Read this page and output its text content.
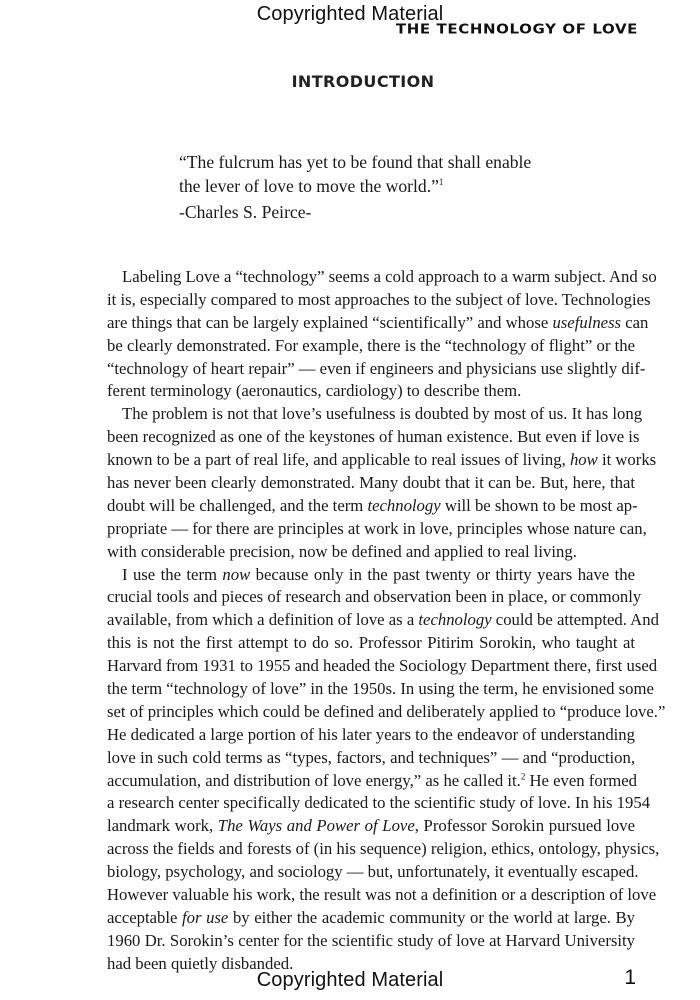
Copyrighted Material
THE TECHNOLOGY OF LOVE
INTRODUCTION
“The fulcrum has yet to be found that shall enable
the lever of love to move the world.”$^1$
-Charles S. Peirce-
Labeling Love a “technology” seems a cold approach to a warm subject. And so
it is, especially compared to most approaches to the subject of love. Technologies
are things that can be largely explained “scientifically” and whose usefulness can
be clearly demonstrated. For example, there is the “technology of flight” or the
“technology of heart repair” — even if engineers and physicians use slightly dif-
ferent terminology (aeronautics, cardiology) to describe them.
The problem is not that love’s usefulness is doubted by most of us. It has long
been recognized as one of the keystones of human existence. But even if love is
known to be a part of real life, and applicable to real issues of living, how it works
has never been clearly demonstrated. Many doubt that it can be. But, here, that
doubt will be challenged, and the term technology will be shown to be most ap-
propriate — for there are principles at work in love, principles whose nature can,
with considerable precision, now be defined and applied to real living.
I use the term now because only in the past twenty or thirty years have the
crucial tools and pieces of research and observation been in place, or commonly
available, from which a definition of love as a technology could be attempted. And
this is not the first attempt to do so. Professor Pitirim Sorokin, who taught at
Harvard from 1931 to 1955 and headed the Sociology Department there, first used
the term “technology of love” in the 1950s. In using the term, he envisioned some
set of principles which could be defined and deliberately applied to “produce love.”
He dedicated a large portion of his later years to the endeavor of understanding
love in such cold terms as “types, factors, and techniques” — and “production,
accumulation, and distribution of love energy,” as he called it.$^2$ He even formed
a research center specifically dedicated to the scientific study of love. In his 1954
landmark work, The Ways and Power of Love, Professor Sorokin pursued love
across the fields and forests of (in his sequence) religion, ethics, ontology, physics,
biology, psychology, and sociology — but, unfortunately, it eventually escaped.
However valuable his work, the result was not a definition or a description of love
acceptable for use by either the academic community or the world at large. By
1960 Dr. Sorokin’s center for the scientific study of love at Harvard University
had been quietly disbanded.
Copyrighted Material	1
